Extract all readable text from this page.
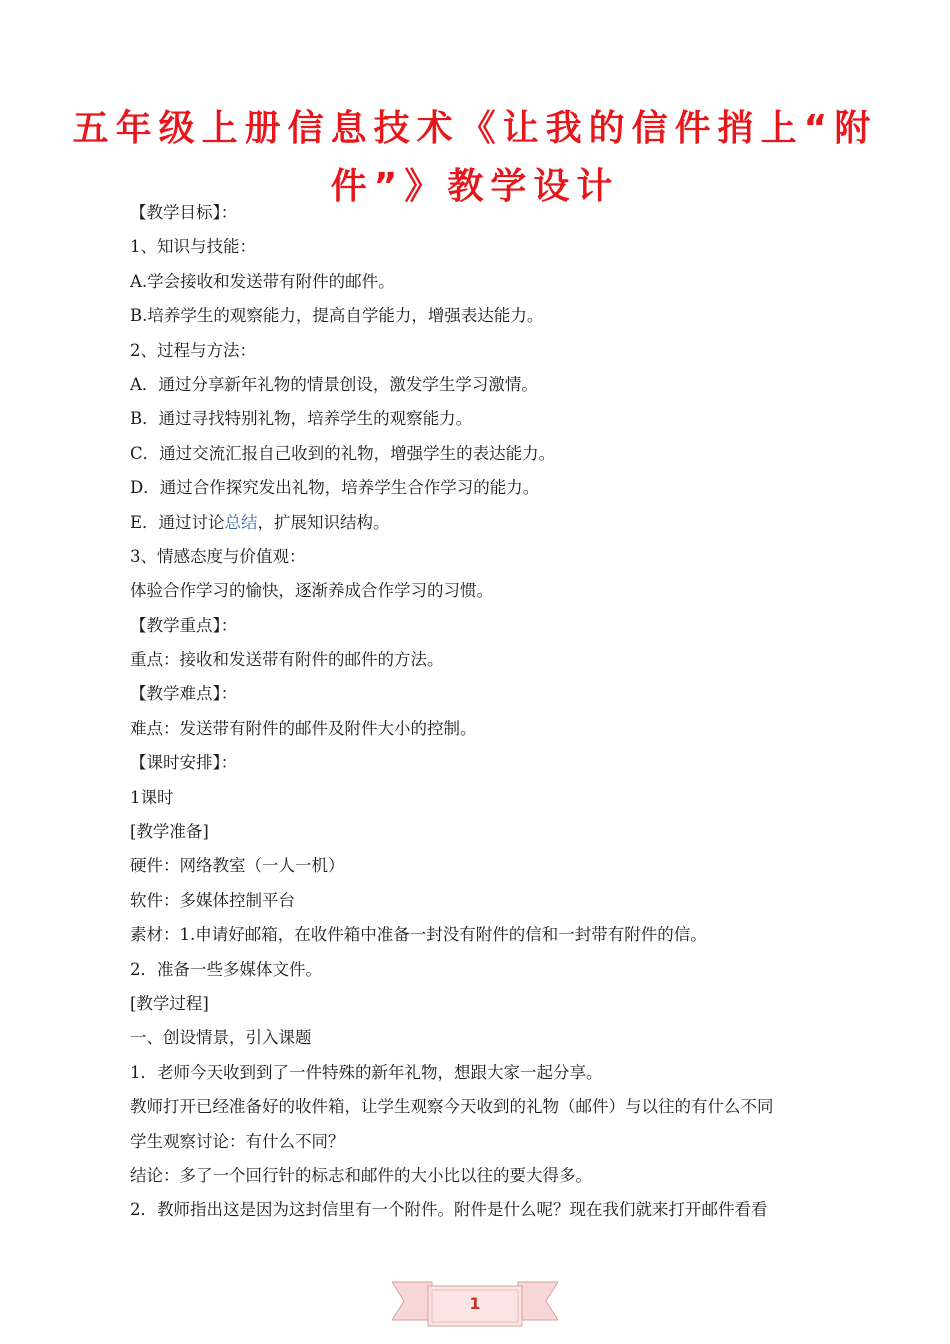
五年级上册信息技术《让我的信件捎上“附
件”》教学设计
【教学目标】：
1、知识与技能：
A.学会接收和发送带有附件的邮件。
B.培养学生的观察能力，提高自学能力，增强表达能力。
2、过程与方法：
A．通过分享新年礼物的情景创设，激发学生学习激情。
B．通过寻找特别礼物，培养学生的观察能力。
C．通过交流汇报自己收到的礼物，增强学生的表达能力。
D．通过合作探究发出礼物，培养学生合作学习的能力。
E．通过讨论总结，扩展知识结构。
3、情感态度与价值观：
体验合作学习的愉快，逐渐养成合作学习的习惯。
【教学重点】：
重点：接收和发送带有附件的邮件的方法。
【教学难点】：
难点：发送带有附件的邮件及附件大小的控制。
【课时安排】：
1课时
[教学准备]
硬件：网络教室（一人一机）
软件：多媒体控制平台
素材：1.申请好邮箱，在收件箱中准备一封没有附件的信和一封带有附件的信。
2．准备一些多媒体文件。
[教学过程]
一、创设情景，引入课题
1．老师今天收到到了一件特殊的新年礼物，想跟大家一起分享。
教师打开已经准备好的收件箱，让学生观察今天收到的礼物（邮件）与以往的有什么不同
学生观察讨论：有什么不同？
结论：多了一个回行针的标志和邮件的大小比以往的要大得多。
2．教师指出这是因为这封信里有一个附件。附件是什么呢？现在我们就来打开邮件看看
1
